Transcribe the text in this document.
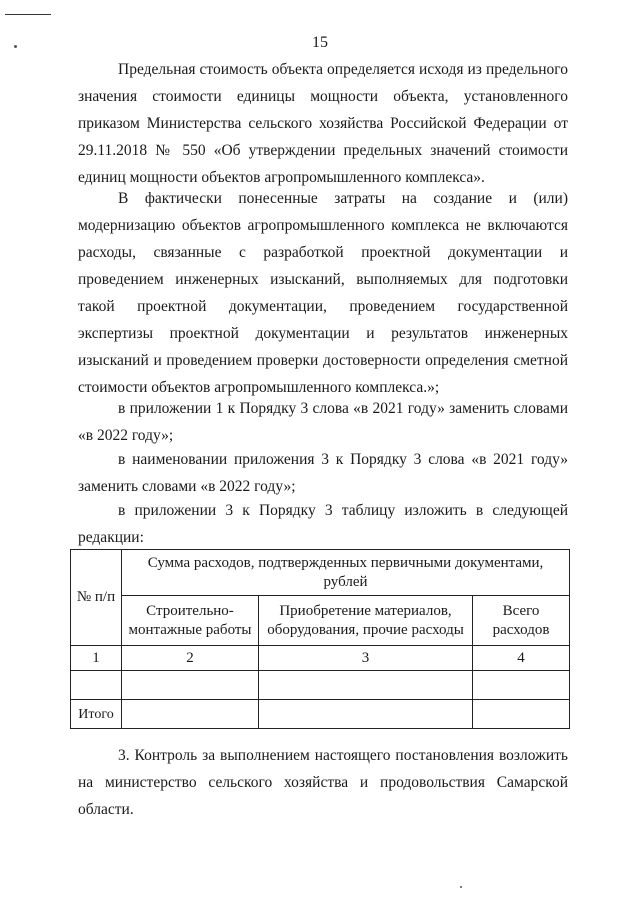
15

Предельная стоимость объекта определяется исходя из предельного значения стоимости единицы мощности объекта, установленного приказом Министерства сельского хозяйства Российской Федерации от 29.11.2018 № 550 «Об утверждении предельных значений стоимости единиц мощности объектов агропромышленного комплекса».

В фактически понесенные затраты на создание и (или) модернизацию объектов агропромышленного комплекса не включаются расходы, связанные с разработкой проектной документации и проведением инженерных изысканий, выполняемых для подготовки такой проектной документации, проведением государственной экспертизы проектной документации и результатов инженерных изысканий и проведением проверки достоверности определения сметной стоимости объектов агропромышленного комплекса.»;

в приложении 1 к Порядку 3 слова «в 2021 году» заменить словами «в 2022 году»;

в наименовании приложения 3 к Порядку 3 слова «в 2021 году» заменить словами «в 2022 году»;

в приложении 3 к Порядку 3 таблицу изложить в следующей редакции:

№ п/п	Сумма расходов, подтвержденных первичными документами, рублей		
	Строительно-монтажные работы	Приобретение материалов, оборудования, прочие расходы	Всего расходов
1	2	3	4

Итого			

3. Контроль за выполнением настоящего постановления возложить на министерство сельского хозяйства и продовольствия Самарской области.
